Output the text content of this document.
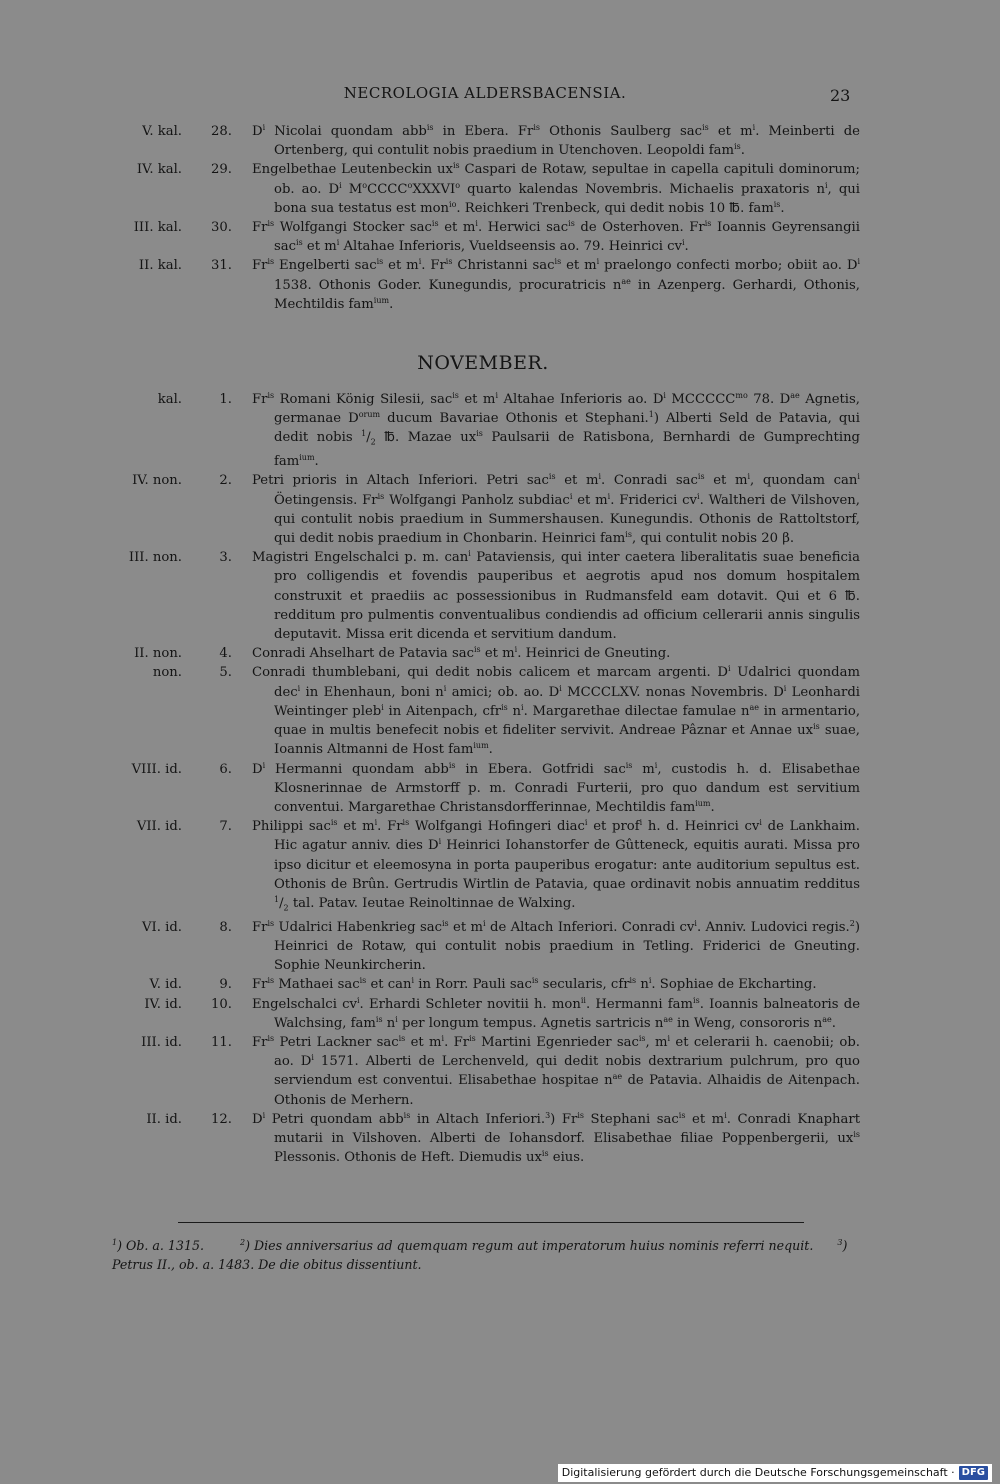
NECROLOGIA ALDERSBACENSIA.	23
V. kal.	28. $D^i$ Nicolai quondam abb$^{is}$ in Ebera. $Fr^{is}$ Othonis Saulberg sac$^{is}$ et $m^i$. Meinberti de Ortenberg, qui contulit nobis praedium in Utenchoven. Leopoldi fam$^{is}$.
IV. kal.	29. Engelbethae Leutenbeckin $ux^{is}$ Caspari de Rotaw, sepultae in capella capituli dominorum; ob. ao. $D^i$ $M^oCCCC^oXXXVI^o$ quarto kalendas Novembris. Michaelis praxatoris $n^i$, qui bona sua testatus est mon$^{io}$. Reichkeri Trenbeck, qui dedit nobis 10 ℔. fam$^{is}$.
III. kal.	30. $Fr^{is}$ Wolfgangi Stocker sac$^{is}$ et $m^i$. Herwici sac$^{is}$ de Osterhoven. $Fr^{is}$ Ioannis Geyrensangii sac$^{is}$ et $m^i$ Altahae Inferioris, Vueldseensis ao. 79. Heinrici $cv^i$.
II. kal.	31. $Fr^{is}$ Engelberti sac$^{is}$ et $m^i$. $Fr^{is}$ Christanni sac$^{is}$ et $m^i$ praelongo confecti morbo; obiit ao. $D^i$ 1538. Othonis Goder. Kunegundis, procuratricis $n^{ae}$ in Azenperg. Gerhardi, Othonis, Mechtildis fam$^{ium}$.
NOVEMBER.
kal.	1. $Fr^{is}$ Romani König Silesii, sac$^{is}$ et $m^i$ Altahae Inferioris ao. $D^i$ $MCCCCC^{mo}$ 78. $D^{ae}$ Agnetis, germanae $D^{orum}$ ducum Bavariae Othonis et Stephani.$^1$) Alberti Seld de Patavia, qui dedit nobis $^1/_2$ ℔. Mazae $ux^{is}$ Paulsarii de Ratisbona, Bernhardi de Gumprechting fam$^{ium}$.
IV. non.	2. Petri prioris in Altach Inferiori. Petri sac$^{is}$ et $m^i$. Conradi sac$^{is}$ et $m^i$, quondam can$^i$ Öetingensis. $Fr^{is}$ Wolfgangi Panholz subdiac$^i$ et $m^i$. Friderici $cv^i$. Waltheri de Vilshoven, qui contulit nobis praedium in Summershausen. Kunegundis. Othonis de Rattoltstorf, qui dedit nobis praedium in Chonbarin. Heinrici fam$^{is}$, qui contulit nobis 20 β.
III. non.	3. Magistri Engelschalci p. m. can$^i$ Pataviensis, qui inter caetera liberalitatis suae beneficia pro colligendis et fovendis pauperibus et aegrotis apud nos domum hospitalem construxit et praediis ac possessionibus in Rudmansfeld eam dotavit. Qui et 6 ℔. redditum pro pulmentis conventualibus condiendis ad officium cellerarii annis singulis deputavit. Missa erit dicenda et servitium dandum.
II. non.	4. Conradi Ahselhart de Patavia sac$^{is}$ et $m^i$. Heinrici de Gneuting.
non.	5. Conradi thumblebani, qui dedit nobis calicem et marcam argenti. $D^i$ Udalrici quondam dec$^i$ in Ehenhaun, boni $n^i$ amici; ob. ao. $D^i$ MCCCLXV. nonas Novembris. $D^i$ Leonhardi Weintinger pleb$^i$ in Aitenpach, cfr$^{is}$ $n^i$. Margarethae dilectae famulae $n^{ae}$ in armentario, quae in multis benefecit nobis et fideliter servivit. Andreae Pâznar et Annae $ux^{is}$ suae, Ioannis Altmanni de Host fam$^{ium}$.
VIII. id.	6. $D^i$ Hermanni quondam abb$^{is}$ in Ebera. Gotfridi sac$^{is}$ $m^i$, custodis h. d. Elisabethae Klosnerinnae de Armstorff p. m. Conradi Furterii, pro quo dandum est servitium conventui. Margarethae Christansdorfferinnae, Mechtildis fam$^{ium}$.
VII. id.	7. Philippi sac$^{is}$ et $m^i$. $Fr^{is}$ Wolfgangi Hofingeri diac$^i$ et prof$^i$ h. d. Heinrici $cv^i$ de Lankhaim. Hic agatur anniv. dies $D^i$ Heinrici Iohanstorfer de Gûtteneck, equitis aurati. Missa pro ipso dicitur et eleemosyna in porta pauperibus erogatur: ante auditorium sepultus est. Othonis de Brûn. Gertrudis Wirtlin de Patavia, quae ordinavit nobis annuatim redditus $^1/_2$ tal. Patav. Ieutae Reinoltinnae de Walxing.
VI. id.	8. $Fr^{is}$ Udalrici Habenkrieg sac$^{is}$ et $m^i$ de Altach Inferiori. Conradi $cv^i$. Anniv. Ludovici regis.$^2$) Heinrici de Rotaw, qui contulit nobis praedium in Tetling. Friderici de Gneuting. Sophie Neunkircherin.
V. id.	9. $Fr^{is}$ Mathaei sac$^{is}$ et can$^i$ in Rorr. Pauli sac$^{is}$ secularis, cfr$^{is}$ $n^i$. Sophiae de Ekcharting.
IV. id.	10. Engelschalci $cv^i$. Erhardi Schleter novitii h. mon$^{ii}$. Hermanni fam$^{is}$. Ioannis balneatoris de Walchsing, fam$^{is}$ $n^i$ per longum tempus. Agnetis sartricis $n^{ae}$ in Weng, consororis $n^{ae}$.
III. id.	11. $Fr^{is}$ Petri Lackner sac$^{is}$ et $m^i$. $Fr^{is}$ Martini Egenrieder sac$^{is}$, $m^i$ et celerarii h. caenobii; ob. ao. $D^i$ 1571. Alberti de Lerchenveld, qui dedit nobis dextrarium pulchrum, pro quo serviendum est conventui. Elisabethae hospitae $n^{ae}$ de Patavia. Alhaidis de Aitenpach. Othonis de Merhern.
II. id.	12. $D^i$ Petri quondam abb$^{is}$ in Altach Inferiori.$^3$) $Fr^{is}$ Stephani sac$^{is}$ et $m^i$. Conradi Knaphart mutarii in Vilshoven. Alberti de Iohansdorf. Elisabethae filiae Poppenbergerii, $ux^{is}$ Plessonis. Othonis de Heft. Diemudis $ux^{is}$ eius.
$^1$) Ob. a. 1315.         $^2$) Dies anniversarius ad quemquam regum aut imperatorum huius nominis referri nequit.      $^3$) Petrus II., ob. a. 1483. De die obitus dissentiunt.
Digitalisierung gefördert durch die Deutsche Forschungsgemeinschaft · DFG
